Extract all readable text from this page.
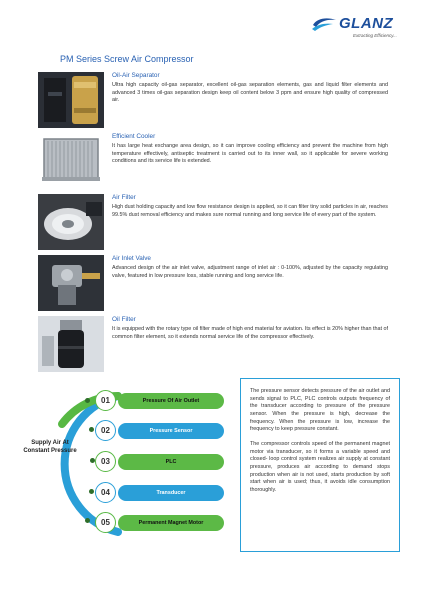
GLANZ
Extracting Efficiency...
PM Series Screw Air Compressor
Oil-Air Separator
Ultra high capacity oil-gas separator, excellent oil-gas separation elements, gas and liquid filter elements and advanced 3 times oil-gas separation design keep oil content below 3 ppm and ensure high quality of compressed air.
Efficient Cooler
It has large heat exchange area design, so it can improve cooling efficiency and prevent the machine from high temperature effectively, antiseptic treatment is carried out to its inner wall, so it applicable for severe working conditions and its service life is extended.
Air Filter
High dust holding capacity and low flow resistance design is applied, so it can filter tiny solid particles in air, reaches 99.5% dust removal efficiency and makes sure normal running and long service life of every part of the system.
Air Inlet Valve
Advanced design of the air inlet valve, adjustment range of inlet air : 0-100%, adjusted by the capacity regulating valve, featured in low pressure loss, stable running and long service life.
Oil Filter
It is equipped with the rotary type oil filter made of high end material for aviation. Its effect is 20% higher than that of common filter element, so it extends normal service life of the compressor effectively.
Supply Air At Constant Pressure
01	Pressure Of Air Outlet
02	Pressure Sensor
03	PLC
04	Transducer
05	Permanent Magnet Motor

The pressure sensor detects pressure of the air outlet and sends signal to PLC, PLC controls outputs frequency of the transducer according to pressure of the pressure sensor. When the pressure is high, decrease the frequency. When the pressure is low, increase the frequency to keep pressure constant.

The compressor controls speed of the permanent magnet motor via transducer, so it forms a variable speed and closed- loop control system realizes air supply at constant pressure, produces air according to demand stops production when air is not used, starts production by soft start when air is used; thus, it avoids idle consumption thoroughly.
